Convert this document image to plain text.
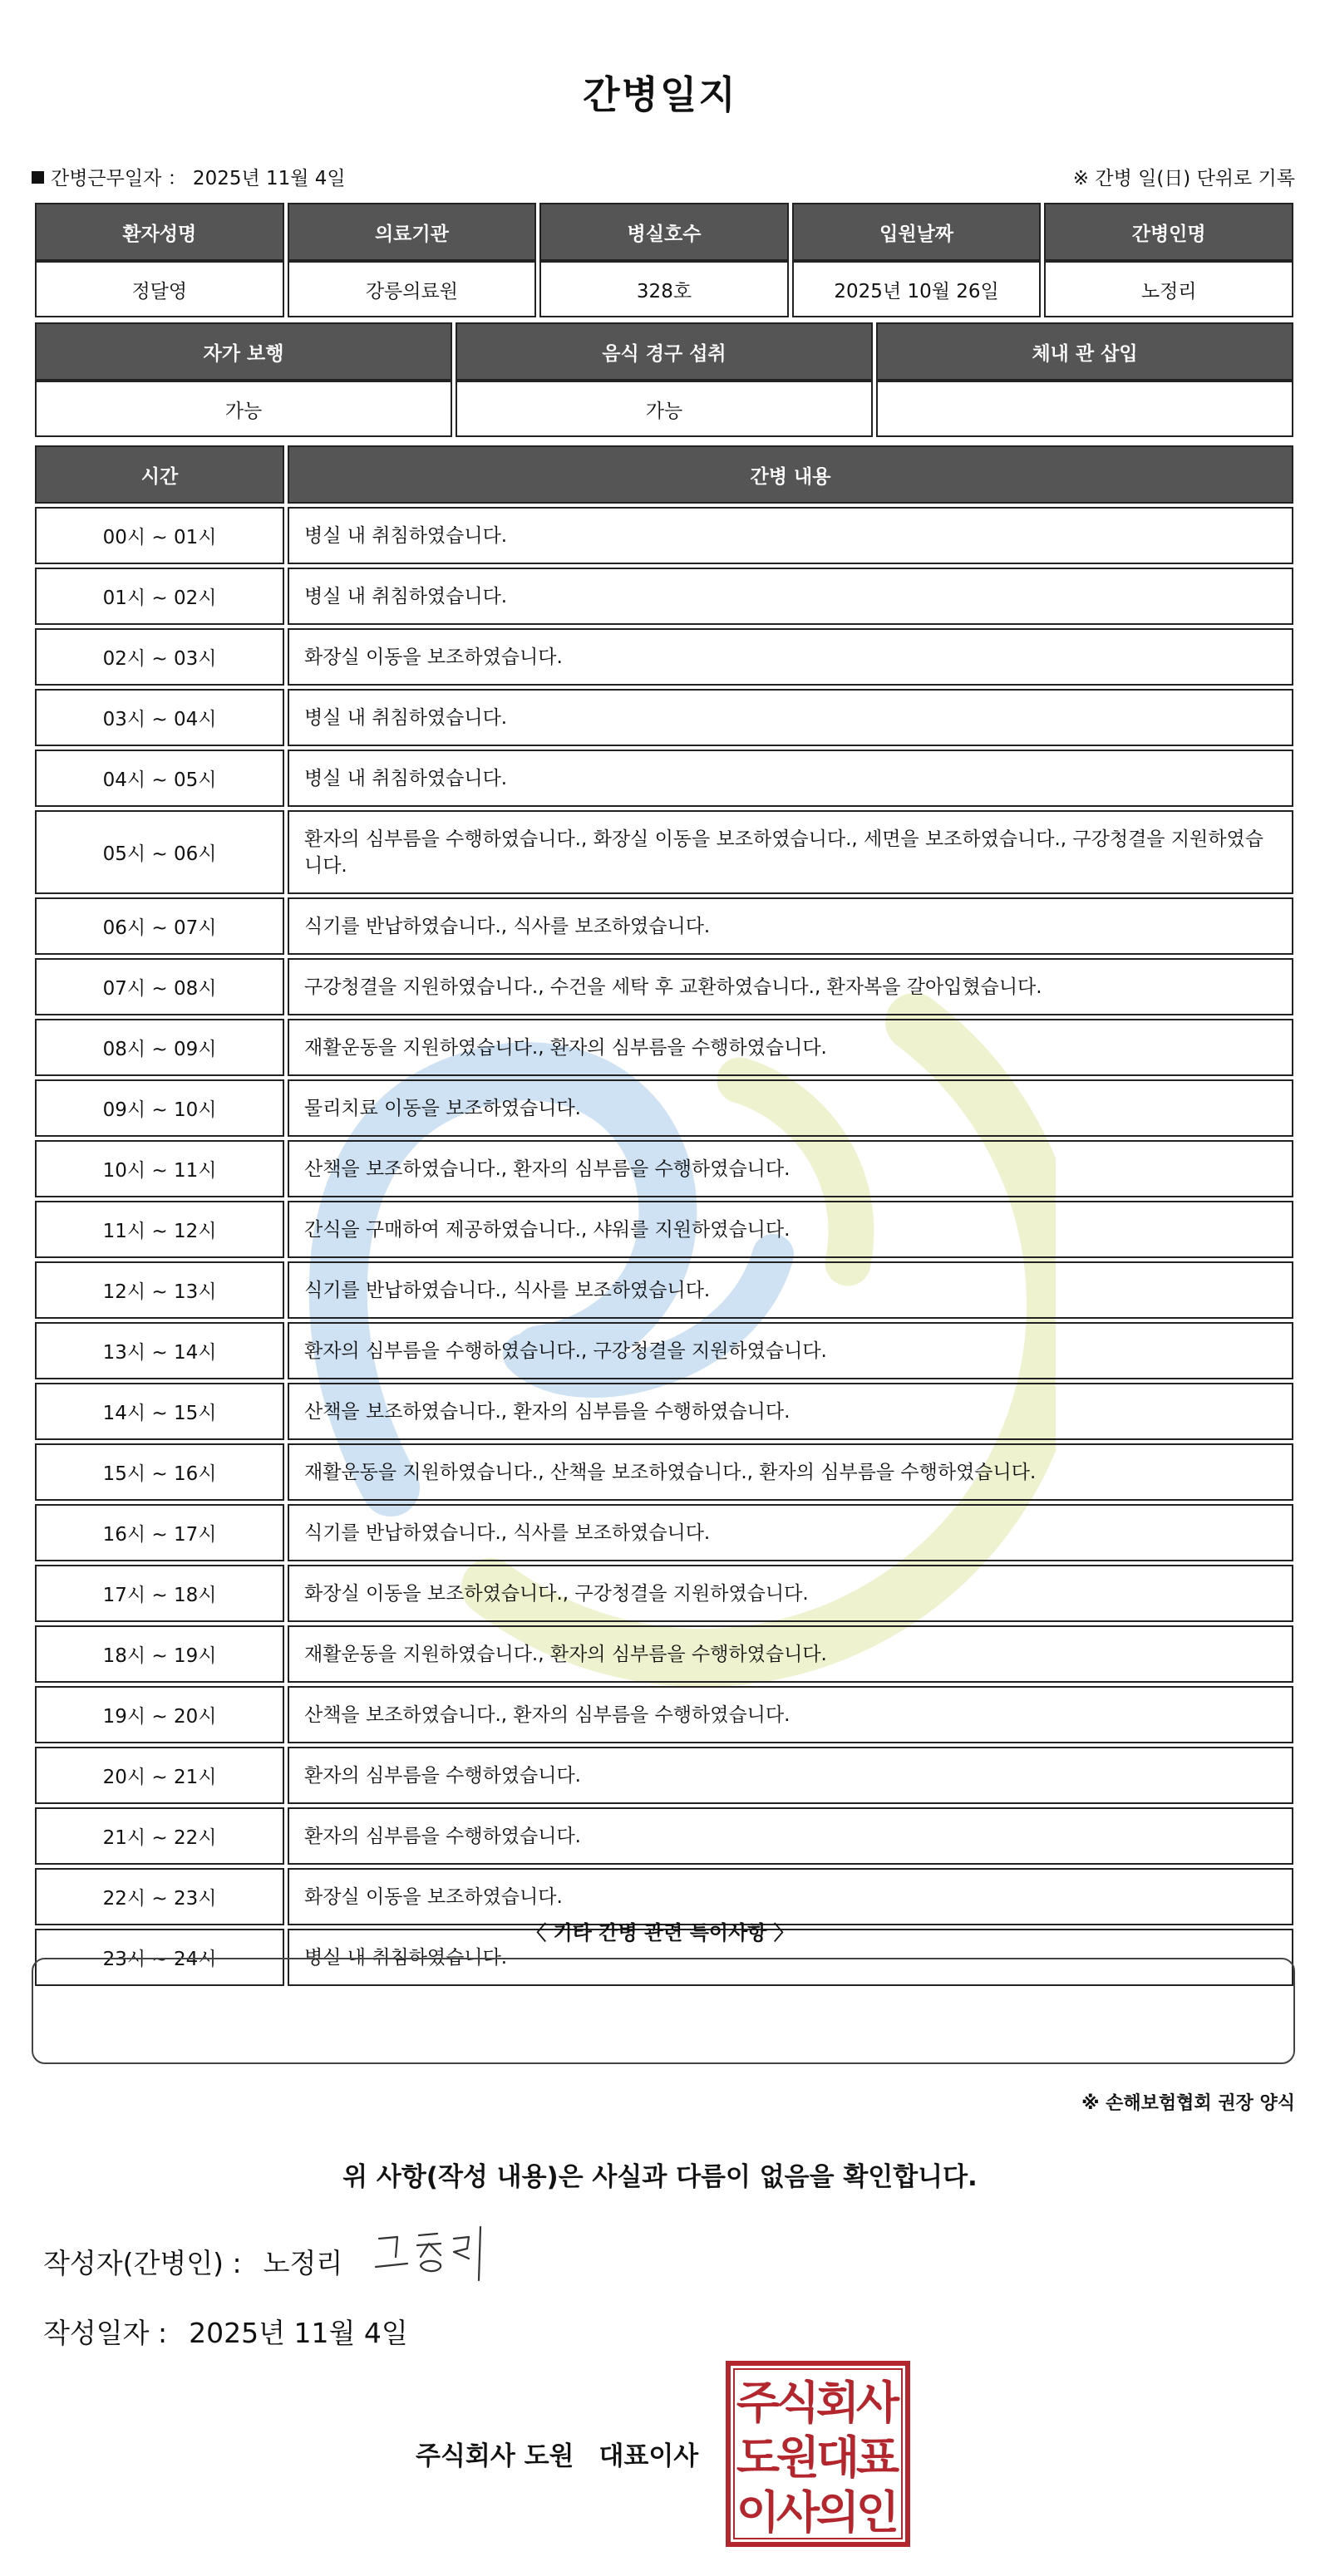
간병일지
간병근무일자 ： 2025년 11월 4일	※ 간병 일(日) 단위로 기록
환자성명	의료기관	병실호수	입원날짜	간병인명
정달영	강릉의료원	328호	2025년 10월 26일	노정리
자가 보행	음식 경구 섭취	체내 관 삽입
가능	가능	
시간	간병 내용
00시 ~ 01시	병실 내 취침하였습니다.
01시 ~ 02시	병실 내 취침하였습니다.
02시 ~ 03시	화장실 이동을 보조하였습니다.
03시 ~ 04시	병실 내 취침하였습니다.
04시 ~ 05시	병실 내 취침하였습니다.
05시 ~ 06시	환자의 심부름을 수행하였습니다., 화장실 이동을 보조하였습니다., 세면을 보조하였습니다., 구강청결을 지원하였습니다.
06시 ~ 07시	식기를 반납하였습니다., 식사를 보조하였습니다.
07시 ~ 08시	구강청결을 지원하였습니다., 수건을 세탁 후 교환하였습니다., 환자복을 갈아입혔습니다.
08시 ~ 09시	재활운동을 지원하였습니다., 환자의 심부름을 수행하였습니다.
09시 ~ 10시	물리치료 이동을 보조하였습니다.
10시 ~ 11시	산책을 보조하였습니다., 환자의 심부름을 수행하였습니다.
11시 ~ 12시	간식을 구매하여 제공하였습니다., 샤워를 지원하였습니다.
12시 ~ 13시	식기를 반납하였습니다., 식사를 보조하였습니다.
13시 ~ 14시	환자의 심부름을 수행하였습니다., 구강청결을 지원하였습니다.
14시 ~ 15시	산책을 보조하였습니다., 환자의 심부름을 수행하였습니다.
15시 ~ 16시	재활운동을 지원하였습니다., 산책을 보조하였습니다., 환자의 심부름을 수행하였습니다.
16시 ~ 17시	식기를 반납하였습니다., 식사를 보조하였습니다.
17시 ~ 18시	화장실 이동을 보조하였습니다., 구강청결을 지원하였습니다.
18시 ~ 19시	재활운동을 지원하였습니다., 환자의 심부름을 수행하였습니다.
19시 ~ 20시	산책을 보조하였습니다., 환자의 심부름을 수행하였습니다.
20시 ~ 21시	환자의 심부름을 수행하였습니다.
21시 ~ 22시	환자의 심부름을 수행하였습니다.
22시 ~ 23시	화장실 이동을 보조하였습니다.
23시 ~ 24시	병실 내 취침하였습니다.
〈 기타 간병 관련 특이사항 〉
※ 손해보험협회 권장 양식
위 사항(작성 내용)은 사실과 다름이 없음을 확인합니다.
작성자(간병인) : 노정리
작성일자 : 2025년 11월 4일
주식회사 도원 대표이사
주
식
회
사
도
원
대
표
이
사
의
인
